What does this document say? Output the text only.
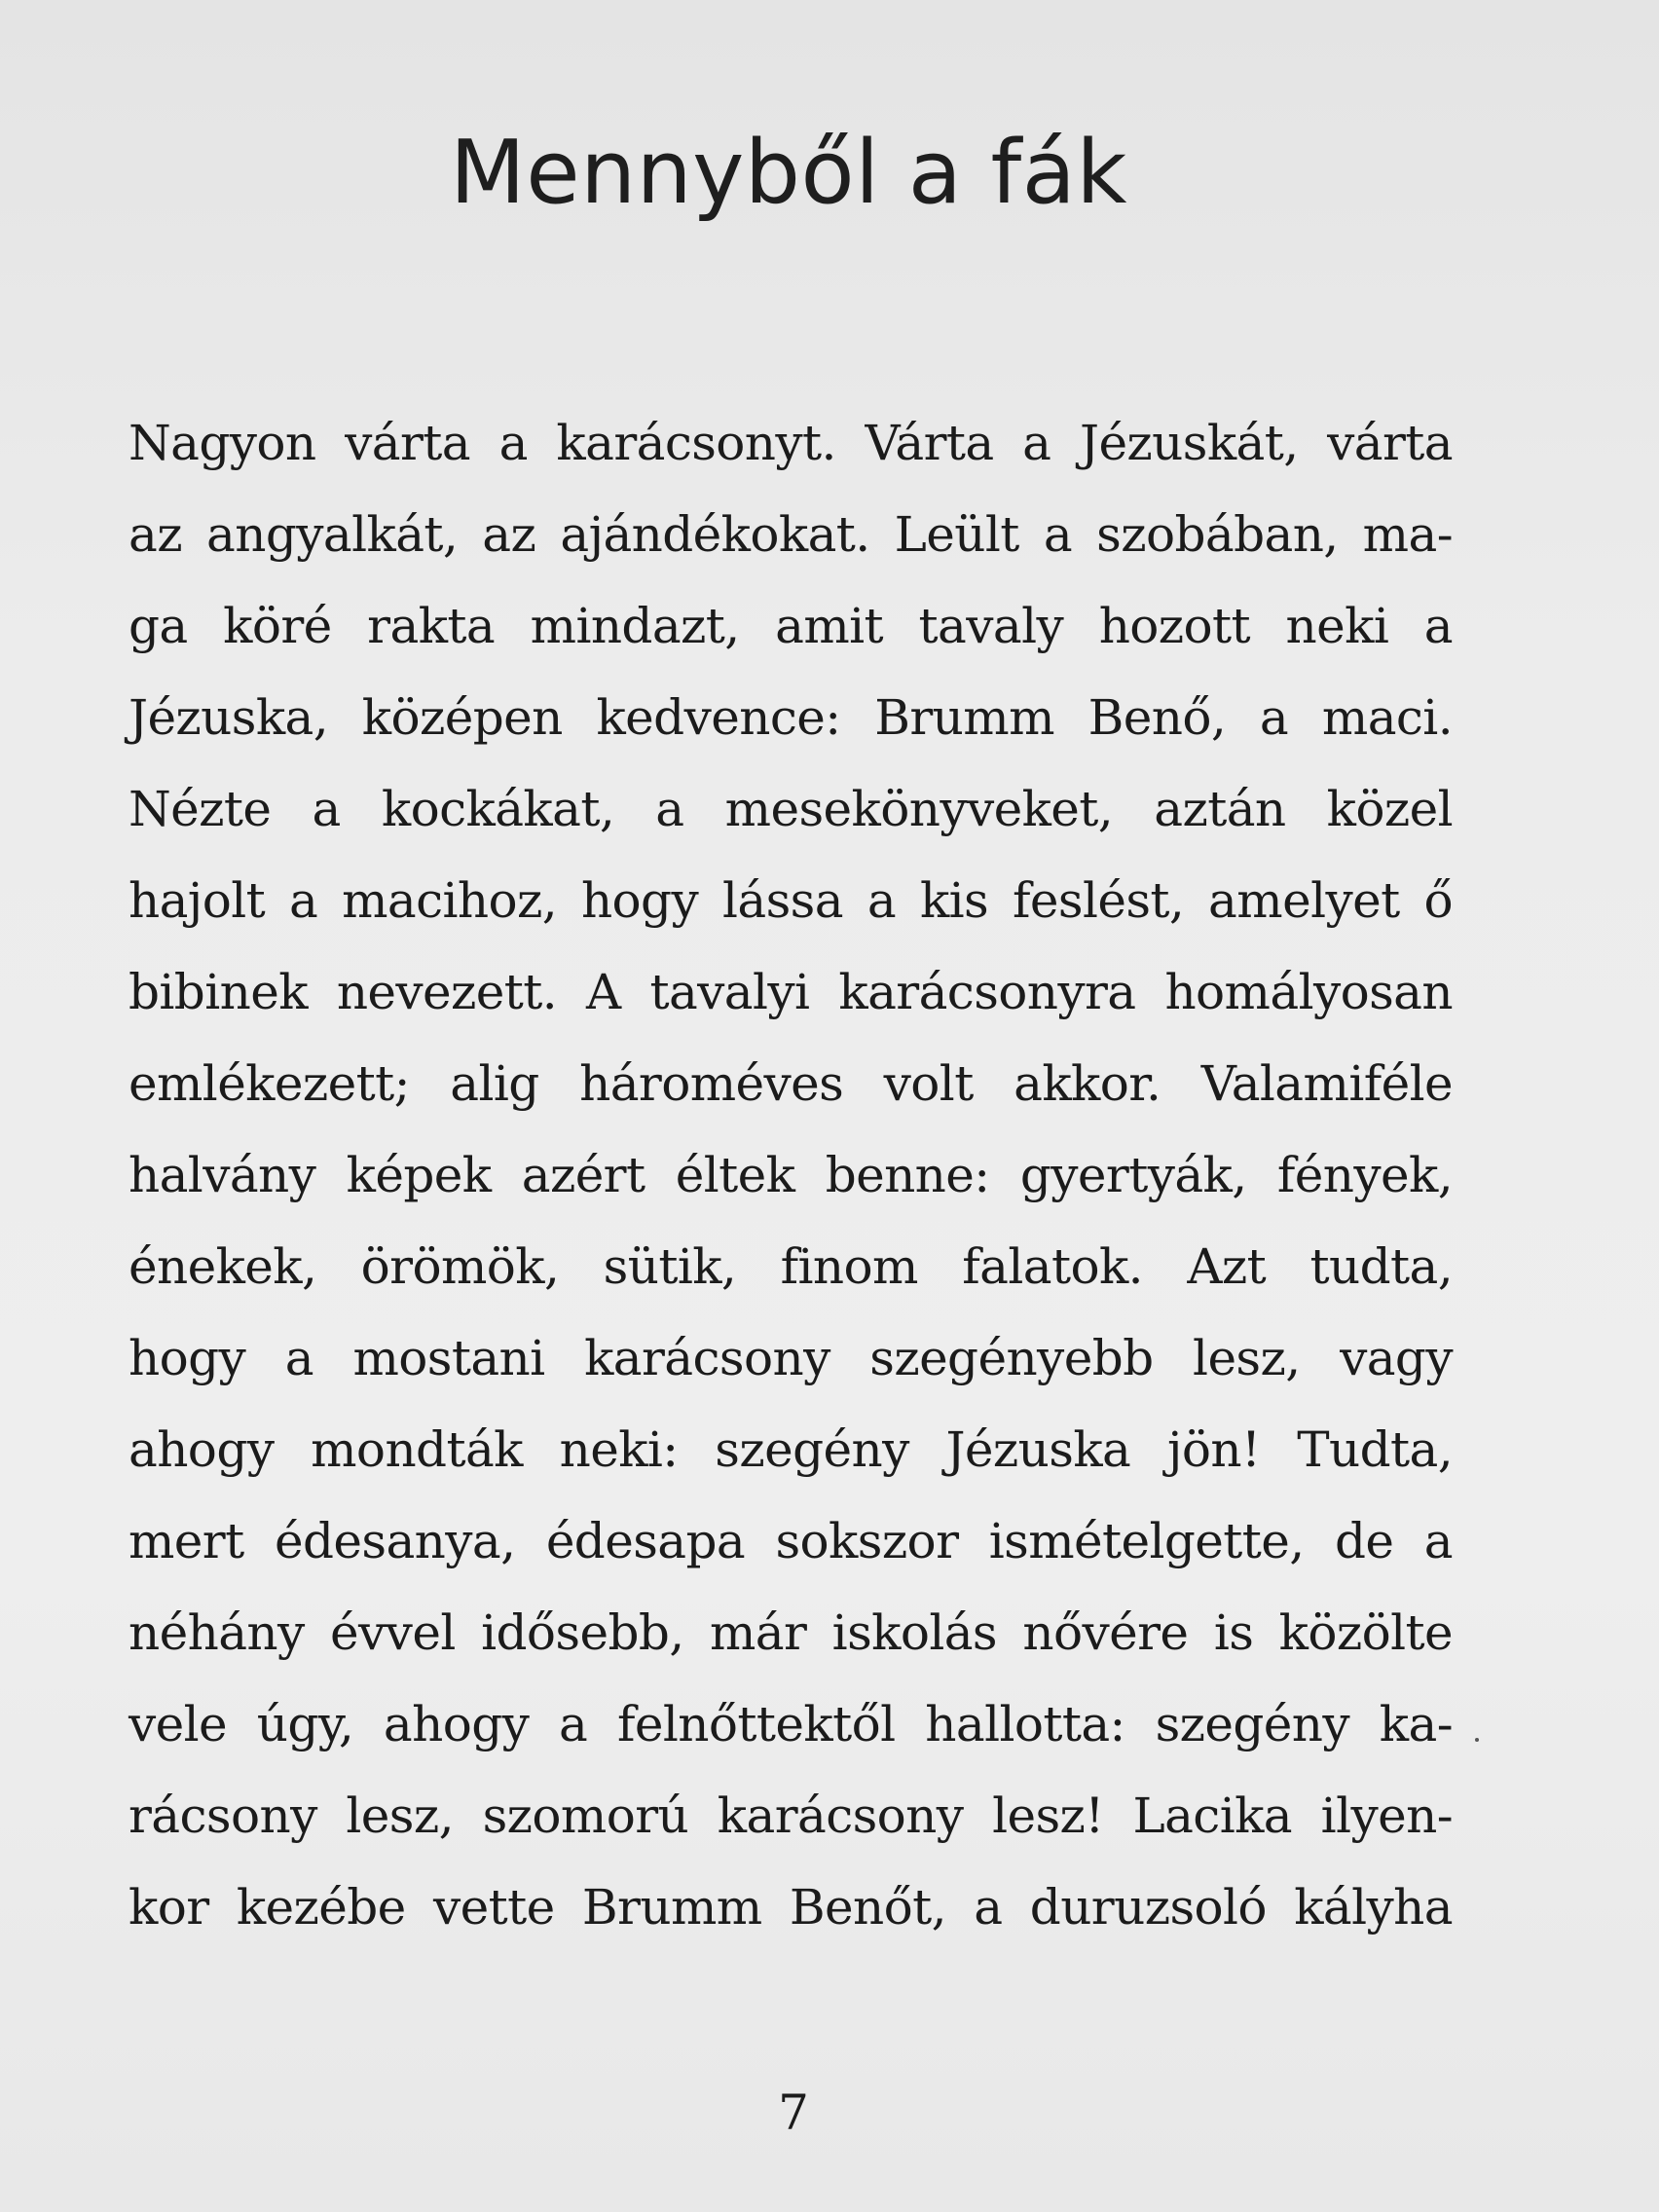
Mennyből a fák
Nagyon várta a karácsonyt. Várta a Jézuskát, várta
az angyalkát, az ajándékokat. Leült a szobában, ma-
ga köré rakta mindazt, amit tavaly hozott neki a
Jézuska, középen kedvence: Brumm Benő, a maci.
Nézte a kockákat, a mesekönyveket, aztán közel
hajolt a macihoz, hogy lássa a kis feslést, amelyet ő
bibinek nevezett. A tavalyi karácsonyra homályosan
emlékezett; alig hároméves volt akkor. Valamiféle
halvány képek azért éltek benne: gyertyák, fények,
énekek, örömök, sütik, finom falatok. Azt tudta,
hogy a mostani karácsony szegényebb lesz, vagy
ahogy mondták neki: szegény Jézuska jön! Tudta,
mert édesanya, édesapa sokszor ismételgette, de a
néhány évvel idősebb, már iskolás nővére is közölte
vele úgy, ahogy a felnőttektől hallotta: szegény ka-
rácsony lesz, szomorú karácsony lesz! Lacika ilyen-
kor kezébe vette Brumm Benőt, a duruzsoló kályha
7
